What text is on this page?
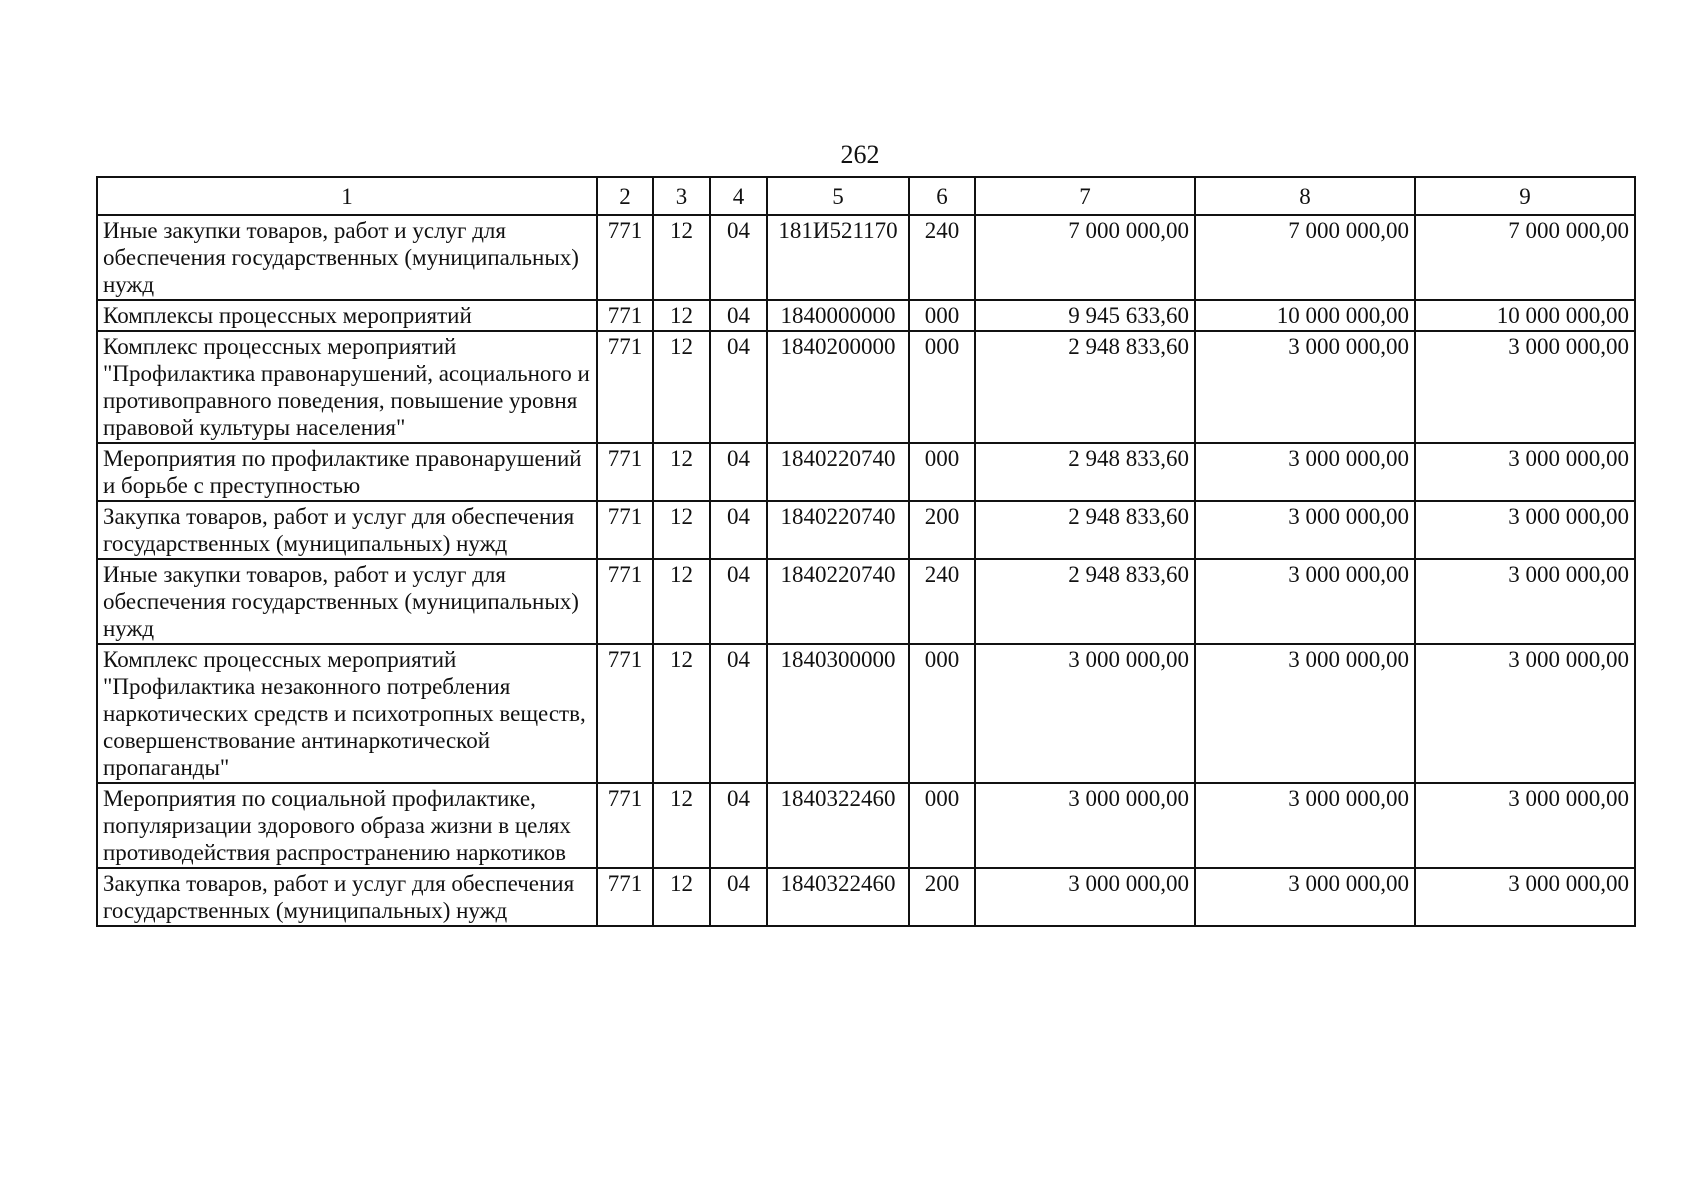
262
1	2	3	4	5	6	7	8	9
Иные закупки товаров, работ и услуг для обеспечения государственных (муниципальных) нужд	771	12	04	181И521170	240	7 000 000,00	7 000 000,00	7 000 000,00
Комплексы процессных мероприятий	771	12	04	1840000000	000	9 945 633,60	10 000 000,00	10 000 000,00
Комплекс процессных мероприятий "Профилактика правонарушений, асоциального и противоправного поведения, повышение уровня правовой культуры населения"	771	12	04	1840200000	000	2 948 833,60	3 000 000,00	3 000 000,00
Мероприятия по профилактике правонарушений и борьбе с преступностью	771	12	04	1840220740	000	2 948 833,60	3 000 000,00	3 000 000,00
Закупка товаров, работ и услуг для обеспечения государственных (муниципальных) нужд	771	12	04	1840220740	200	2 948 833,60	3 000 000,00	3 000 000,00
Иные закупки товаров, работ и услуг для обеспечения государственных (муниципальных) нужд	771	12	04	1840220740	240	2 948 833,60	3 000 000,00	3 000 000,00
Комплекс процессных мероприятий "Профилактика незаконного потребления наркотических средств и психотропных веществ, совершенствование антинаркотической пропаганды"	771	12	04	1840300000	000	3 000 000,00	3 000 000,00	3 000 000,00
Мероприятия по социальной профилактике, популяризации здорового образа жизни в целях противодействия распространению наркотиков	771	12	04	1840322460	000	3 000 000,00	3 000 000,00	3 000 000,00
Закупка товаров, работ и услуг для обеспечения государственных (муниципальных) нужд	771	12	04	1840322460	200	3 000 000,00	3 000 000,00	3 000 000,00
